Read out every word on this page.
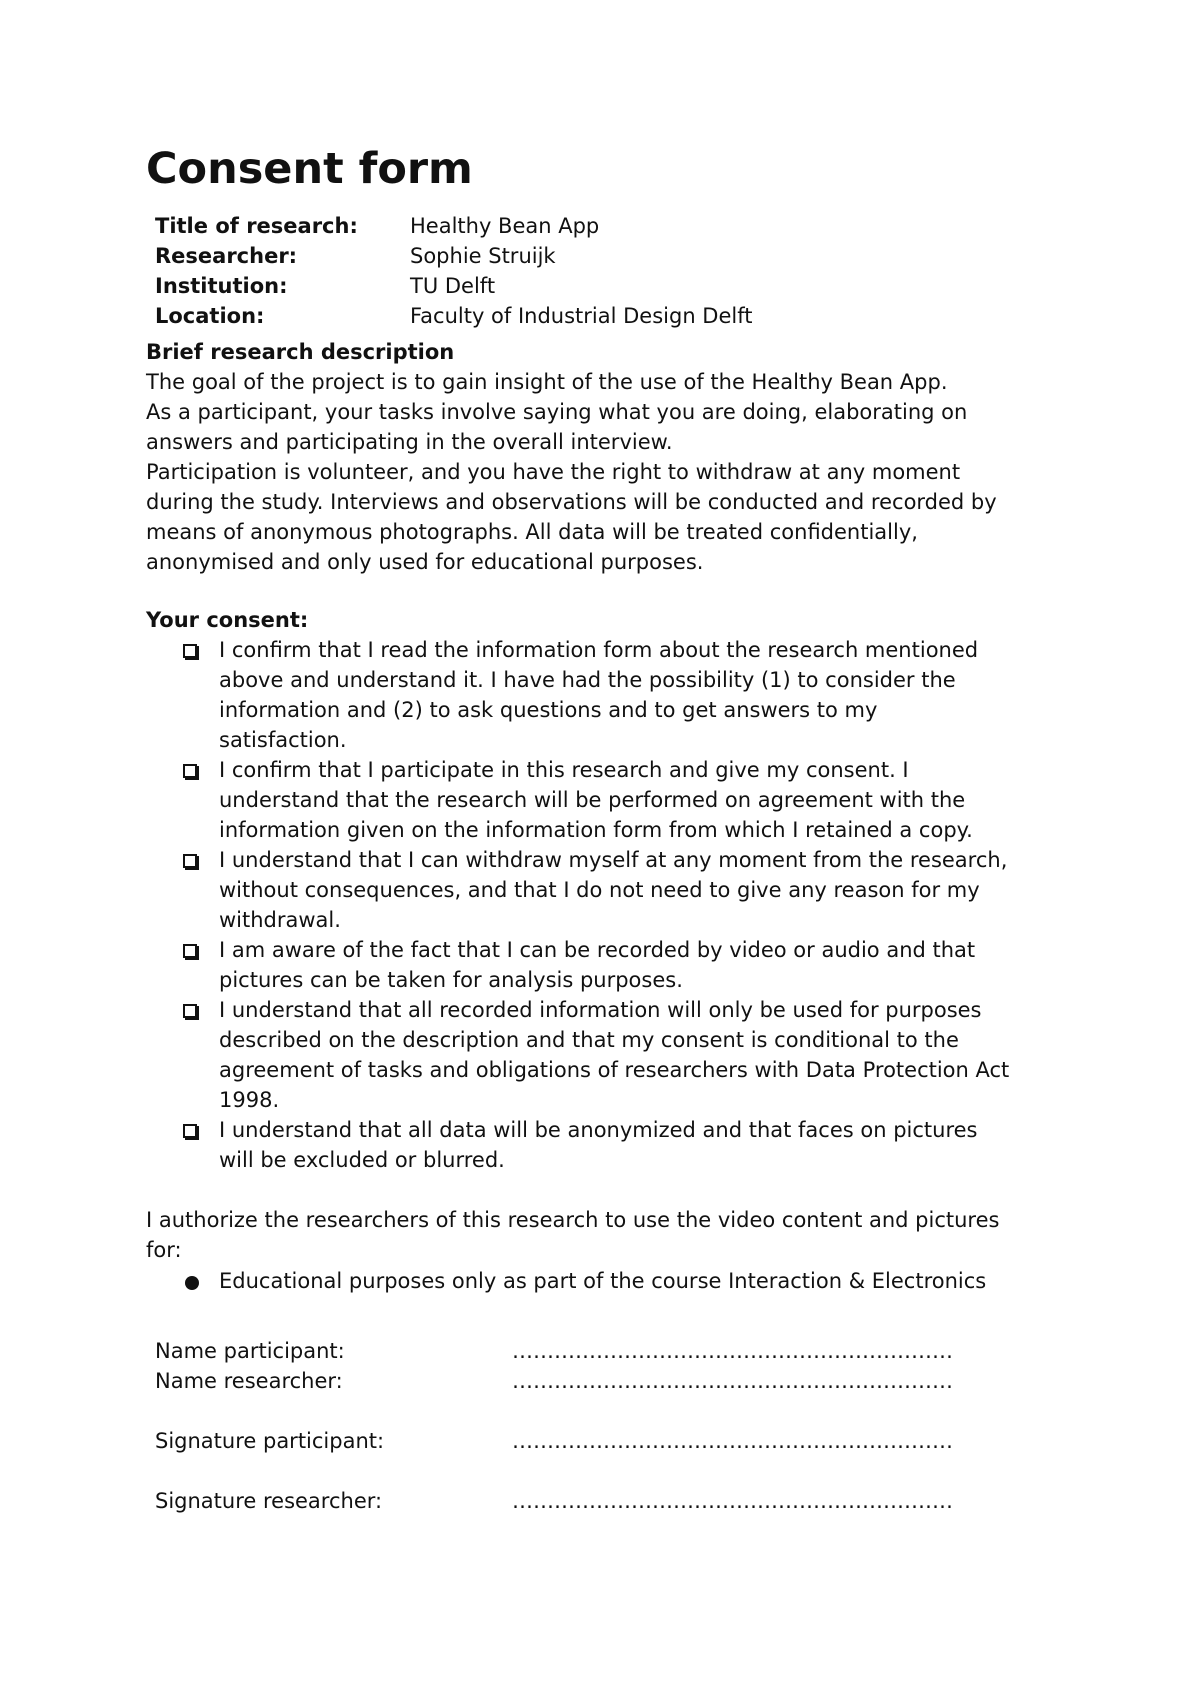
Consent form
Title of research: Healthy Bean App
Researcher:	Sophie Struijk
Institution:	TU Delft
Location:	Faculty of Industrial Design Delft
Brief research description
The goal of the project is to gain insight of the use of the Healthy Bean App.
As a participant, your tasks involve saying what you are doing, elaborating on
answers and participating in the overall interview.
Participation is volunteer, and you have the right to withdraw at any moment
during the study. Interviews and observations will be conducted and recorded by
means of anonymous photographs. All data will be treated confidentially,
anonymised and only used for educational purposes.
Your consent:
I confirm that I read the information form about the research mentioned
above and understand it. I have had the possibility (1) to consider the
information and (2) to ask questions and to get answers to my
satisfaction.
I confirm that I participate in this research and give my consent. I
understand that the research will be performed on agreement with the
information given on the information form from which I retained a copy.
I understand that I can withdraw myself at any moment from the research,
without consequences, and that I do not need to give any reason for my
withdrawal.
I am aware of the fact that I can be recorded by video or audio and that
pictures can be taken for analysis purposes.
I understand that all recorded information will only be used for purposes
described on the description and that my consent is conditional to the
agreement of tasks and obligations of researchers with Data Protection Act
1998.
I understand that all data will be anonymized and that faces on pictures
will be excluded or blurred.
I authorize the researchers of this research to use the video content and pictures
for:
Educational purposes only as part of the course Interaction & Electronics
Name participant:	………………………………………………………
Name researcher:	………………………………………………………
Signature participant:	………………………………………………………
Signature researcher:	………………………………………………………
